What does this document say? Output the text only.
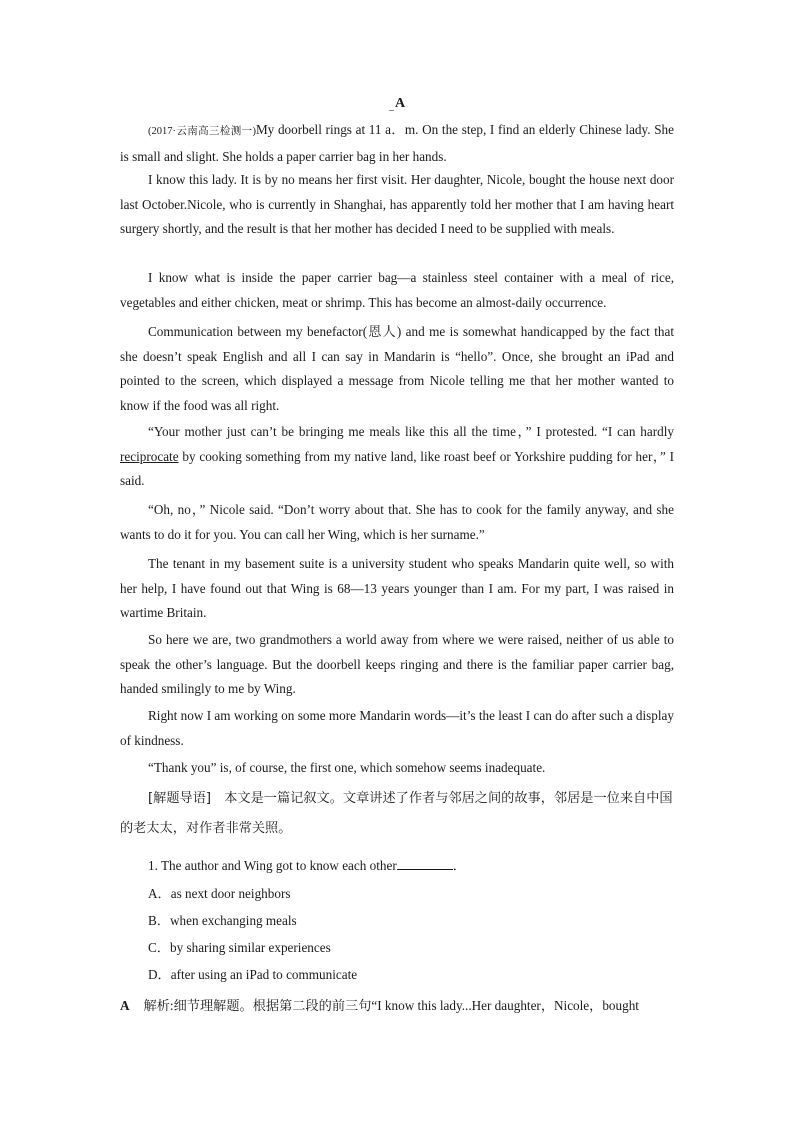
_A
(2017·云南高三检测一)My doorbell rings at 11 a．m. On the step, I find an elderly Chinese lady. She is small and slight. She holds a paper carrier bag in her hands.
I know this lady. It is by no means her first visit. Her daughter, Nicole, bought the house next door last October.Nicole, who is currently in Shanghai, has apparently told her mother that I am having heart surgery shortly, and the result is that her mother has decided I need to be supplied with meals.
I know what is inside the paper carrier bag—a stainless steel container with a meal of rice, vegetables and either chicken, meat or shrimp. This has become an almost-daily occurrence.
Communication between my benefactor(恩人) and me is somewhat handicapped by the fact that she doesn’t speak English and all I can say in Mandarin is “hello”. Once, she brought an iPad and pointed to the screen, which displayed a message from Nicole telling me that her mother wanted to know if the food was all right.
“Your mother just can’t be bringing me meals like this all the time，” I protested. “I can hardly reciprocate by cooking something from my native land, like roast beef or Yorkshire pudding for her，” I said.
“Oh, no，” Nicole said. “Don’t worry about that. She has to cook for the family anyway, and she wants to do it for you. You can call her Wing, which is her surname.”
The tenant in my basement suite is a university student who speaks Mandarin quite well, so with her help, I have found out that Wing is 68—13 years younger than I am. For my part, I was raised in wartime Britain.
So here we are, two grandmothers a world away from where we were raised, neither of us able to speak the other’s language. But the doorbell keeps ringing and there is the familiar paper carrier bag, handed smilingly to me by Wing.
Right now I am working on some more Mandarin words—it’s the least I can do after such a display of kindness.
“Thank you” is, of course, the first one, which somehow seems inadequate.
[解题导语]　本文是一篇记叙文。文章讲述了作者与邻居之间的故事，邻居是一位来自中国的老太太，对作者非常关照。
1. The author and Wing got to know each other	．
A．as next door neighbors
B．when exchanging meals
C．by sharing similar experiences
D．after using an iPad to communicate
A 解析:细节理解题。根据第二段的前三句“I know this lady...Her daughter，Nicole，bought
